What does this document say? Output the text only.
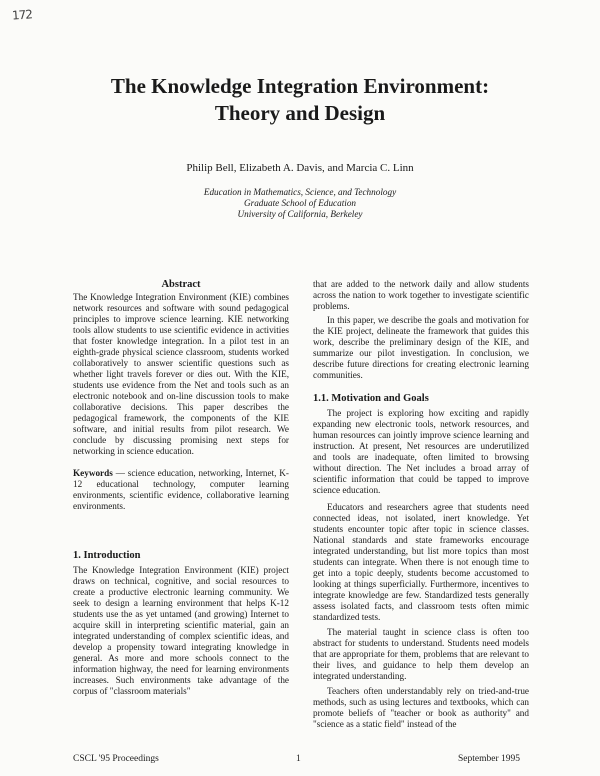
172
The Knowledge Integration Environment:
Theory and Design
Philip Bell, Elizabeth A. Davis, and Marcia C. Linn
Education in Mathematics, Science, and Technology
Graduate School of Education
University of California, Berkeley
Abstract

The Knowledge Integration Environment (KIE) combines network resources and software with sound pedagogical principles to improve science learning. KIE networking tools allow students to use scientific evidence in activities that foster knowledge integration. In a pilot test in an eighth-grade physical science classroom, students worked collaboratively to answer scientific questions such as whether light travels forever or dies out. With the KIE, students use evidence from the Net and tools such as an electronic notebook and on-line discussion tools to make collaborative decisions. This paper describes the pedagogical framework, the components of the KIE software, and initial results from pilot research. We conclude by discussing promising next steps for networking in science education.

Keywords — science education, networking, Internet, K-12 educational technology, computer learning environments, scientific evidence, collaborative learning environments.

1. Introduction

The Knowledge Integration Environment (KIE) project draws on technical, cognitive, and social resources to create a productive electronic learning community. We seek to design a learning environment that helps K-12 students use the as yet untamed (and growing) Internet to acquire skill in interpreting scientific material, gain an integrated understanding of complex scientific ideas, and develop a propensity toward integrating knowledge in general. As more and more schools connect to the information highway, the need for learning environments increases. Such environments take advantage of the corpus of "classroom materials"

that are added to the network daily and allow students across the nation to work together to investigate scientific problems.

In this paper, we describe the goals and motivation for the KIE project, delineate the framework that guides this work, describe the preliminary design of the KIE, and summarize our pilot investigation. In conclusion, we describe future directions for creating electronic learning communities.

1.1. Motivation and Goals

The project is exploring how exciting and rapidly expanding new electronic tools, network resources, and human resources can jointly improve science learning and instruction. At present, Net resources are underutilized and tools are inadequate, often limited to browsing without direction. The Net includes a broad array of scientific information that could be tapped to improve science education.

Educators and researchers agree that students need connected ideas, not isolated, inert knowledge. Yet students encounter topic after topic in science classes. National standards and state frameworks encourage integrated understanding, but list more topics than most students can integrate. When there is not enough time to get into a topic deeply, students become accustomed to looking at things superficially. Furthermore, incentives to integrate knowledge are few. Standardized tests generally assess isolated facts, and classroom tests often mimic standardized tests.

The material taught in science class is often too abstract for students to understand. Students need models that are appropriate for them, problems that are relevant to their lives, and guidance to help them develop an integrated understanding.

Teachers often understandably rely on tried-and-true methods, such as using lectures and textbooks, which can promote beliefs of "teacher or book as authority" and "science as a static field" instead of the

CSCL '95 Proceedings	1	September 1995
